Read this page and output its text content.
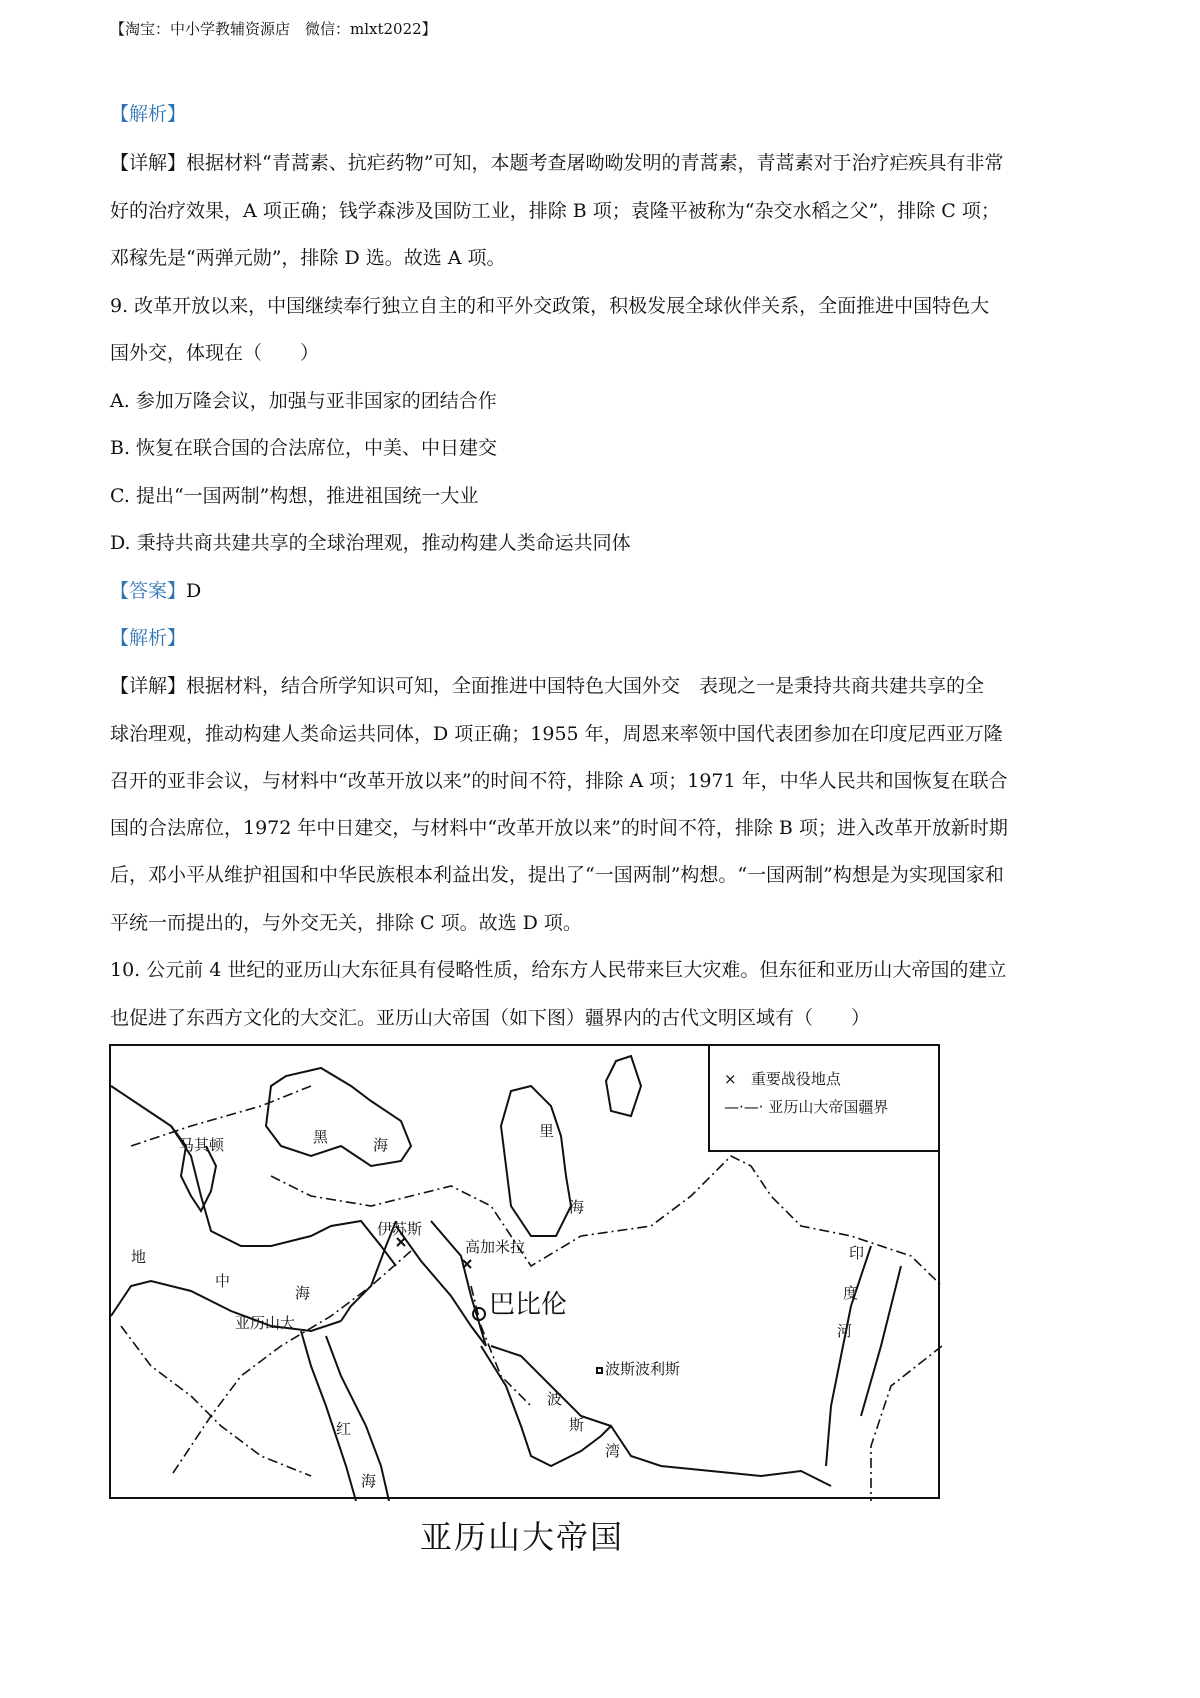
【淘宝：中小学教辅资源店　微信：mlxt2022】
【解析】
【详解】根据材料“青蒿素、抗疟药物”可知，本题考查屠呦呦发明的青蒿素，青蒿素对于治疗疟疾具有非常
好的治疗效果，A 项正确；钱学森涉及国防工业，排除 B 项；袁隆平被称为“杂交水稻之父”，排除 C 项；
邓稼先是“两弹元勋”，排除 D 选。故选 A 项。
9. 改革开放以来，中国继续奉行独立自主的和平外交政策，积极发展全球伙伴关系，全面推进中国特色大
国外交，体现在（　　）
A. 参加万隆会议，加强与亚非国家的团结合作
B. 恢复在联合国的合法席位，中美、中日建交
C. 提出“一国两制”构想，推进祖国统一大业
D. 秉持共商共建共享的全球治理观，推动构建人类命运共同体
【答案】D
【解析】
【详解】根据材料，结合所学知识可知，全面推进中国特色大国外交　表现之一是秉持共商共建共享的全
球治理观，推动构建人类命运共同体，D 项正确；1955 年，周恩来率领中国代表团参加在印度尼西亚万隆
召开的亚非会议，与材料中“改革开放以来”的时间不符，排除 A 项；1971 年，中华人民共和国恢复在联合
国的合法席位，1972 年中日建交，与材料中“改革开放以来”的时间不符，排除 B 项；进入改革开放新时期
后，邓小平从维护祖国和中华民族根本利益出发，提出了“一国两制”构想。“一国两制”构想是为实现国家和
平统一而提出的，与外交无关，排除 C 项。故选 D 项。
10. 公元前 4 世纪的亚历山大东征具有侵略性质，给东方人民带来巨大灾难。但东征和亚历山大帝国的建立
也促进了东西方文化的大交汇。亚历山大帝国（如下图）疆界内的古代文明区域有（　　）
马其顿	黑	海
里
海
伊苏斯
高加米拉
地
中
海
亚历山大
巴比伦
波斯波利斯
波
斯
湾
红
海
印
度
河
× 重要战役地点
—·—· 亚历山大帝国疆界
亚历山大帝国
